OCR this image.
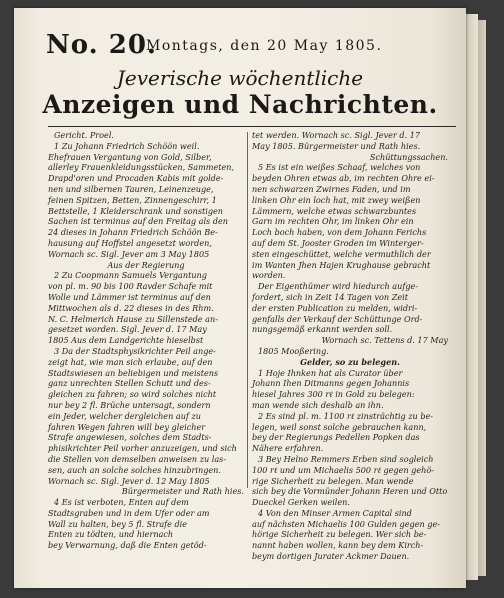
No. 20.
Montags, den 20 May 1805.
Jeverische wöchentliche
Anzeigen und Nachrichten.

Gericht. Proel.

1 Zu Johann Friedrich Schöön weil.

Ehefrauen Vergantung von Gold, Silber,

allerley Frauenkleidungsstücken, Sammeten,

Drapd'oren und Procaden Kabis mit golde-

nen und silbernen Tauren, Leinenzeuge,

feinen Spitzen, Betten, Zinnengeschirr, 1

Bettstelle, 1 Kleiderschrank und sonstigen

Sachen ist terminus auf den Freitag als den

24 dieses in Johann Friedrich Schöön Be-

hausung auf Hoffstel angesetzt worden,

Wornach sc. Sigl. Jever am 3 May 1805

Aus der Regierung

2 Zu Coopmann Samuels Vergantung

von pl. m. 90 bis 100 Ravder Schafe mit

Wolle und Lämmer ist terminus auf den

Mittwochen als d. 22 dieses in des Rhm.

N. C. Helmerich Hause zu Sillenstede an-

gesetzet worden. Sigl. Jever d. 17 May

1805 Aus dem Landgerichte hieselbst

3 Da der Stadtsphysikrichter Peil ange-

zeigt hat, wie man sich erlaube, auf den

Stadtswiesen an beliebigen und meistens

ganz unrechten Stellen Schutt und des-

gleichen zu fahren; so wird solches nicht

nur bey 2 fl. Brüche untersagt, sondern

ein Jeder, welcher dergleichen auf zu

fahren Wegen fahren will bey gleicher

Strafe angewiesen, solches dem Stadts-

phisikrichter Peil vorher anzuzeigen, und sich

die Stellen von demselben anweisen zu las-

sen, auch an solche solches hinzubringen.

Wornach sc. Sigl. Jever d. 12 May 1805

Bürgermeister und Rath hies.

4 Es ist verboten, Enten auf dem

Stadtsgraben und in dem Ufer oder am

Wall zu halten, bey 5 fl. Strafe die

Enten zu tödten, und hiernach

bey Verwarnung, daß die Enten getöd-

tet werden. Wornach sc. Sigl. Jever d. 17

May 1805. Bürgermeister und Rath hies.

Schüttungssachen.

5 Es ist ein weißes Schaaf, welches von

beyden Ohren etwas ab, im rechten Ohre ei-

nen schwarzen Zwirnes Faden, und im

linken Ohr ein loch hat, mit zwey weißen

Lämmern, welche etwas schwarzbuntes

Garn im rechten Ohr, im linken Ohr ein

Loch boch haben, von dem Johann Ferichs

auf dem St. Jooster Groden im Winterger-

sten eingeschüttet, welche vermuthlich der

im Wanten Jhen Hajen Krughause gebracht

worden.

Der Eigenthümer wird hiedurch aufge-

fordert, sich in Zeit 14 Tagen von Zeit

der ersten Publication zu melden, widri-

genfalls der Verkauf der Schüttunge Ord-

nungsgemäß erkannt werden soll.

Wornach sc. Tettens d. 17 May

1805 Mooßering.

Gelder, so zu belegen.

1 Hoje Ihnken hat als Curator über

Johann Ihen Ditmanns gegen Johannis

hiesel Jahres 300 rℓ in Gold zu belegen:

man wende sich deshalb an ihn.

2 Es sind pl. m. 1100 rℓ zinsträchtig zu be-

legen, weil sonst solche gebrauchen kann,

bey der Regierungs Pedellen Popken das

Nähere erfahren.

3 Bey Helno Remmers Erben sind sogleich

100 rℓ und um Michaelis 500 rℓ gegen gehö-

rige Sicherheit zu belegen. Man wende

sich bey die Vormünder Johann Heren und Otto

Dueckel Gerken weilen.

4 Von den Minser Armen Capital sind

auf nächsten Michaelis 100 Gulden gegen ge-

hörige Sicherheit zu belegen. Wer sich be-

nannt haben wollen, kann bey dem Kirch-

beym dortigen Jurater Ackmer Dauen.
